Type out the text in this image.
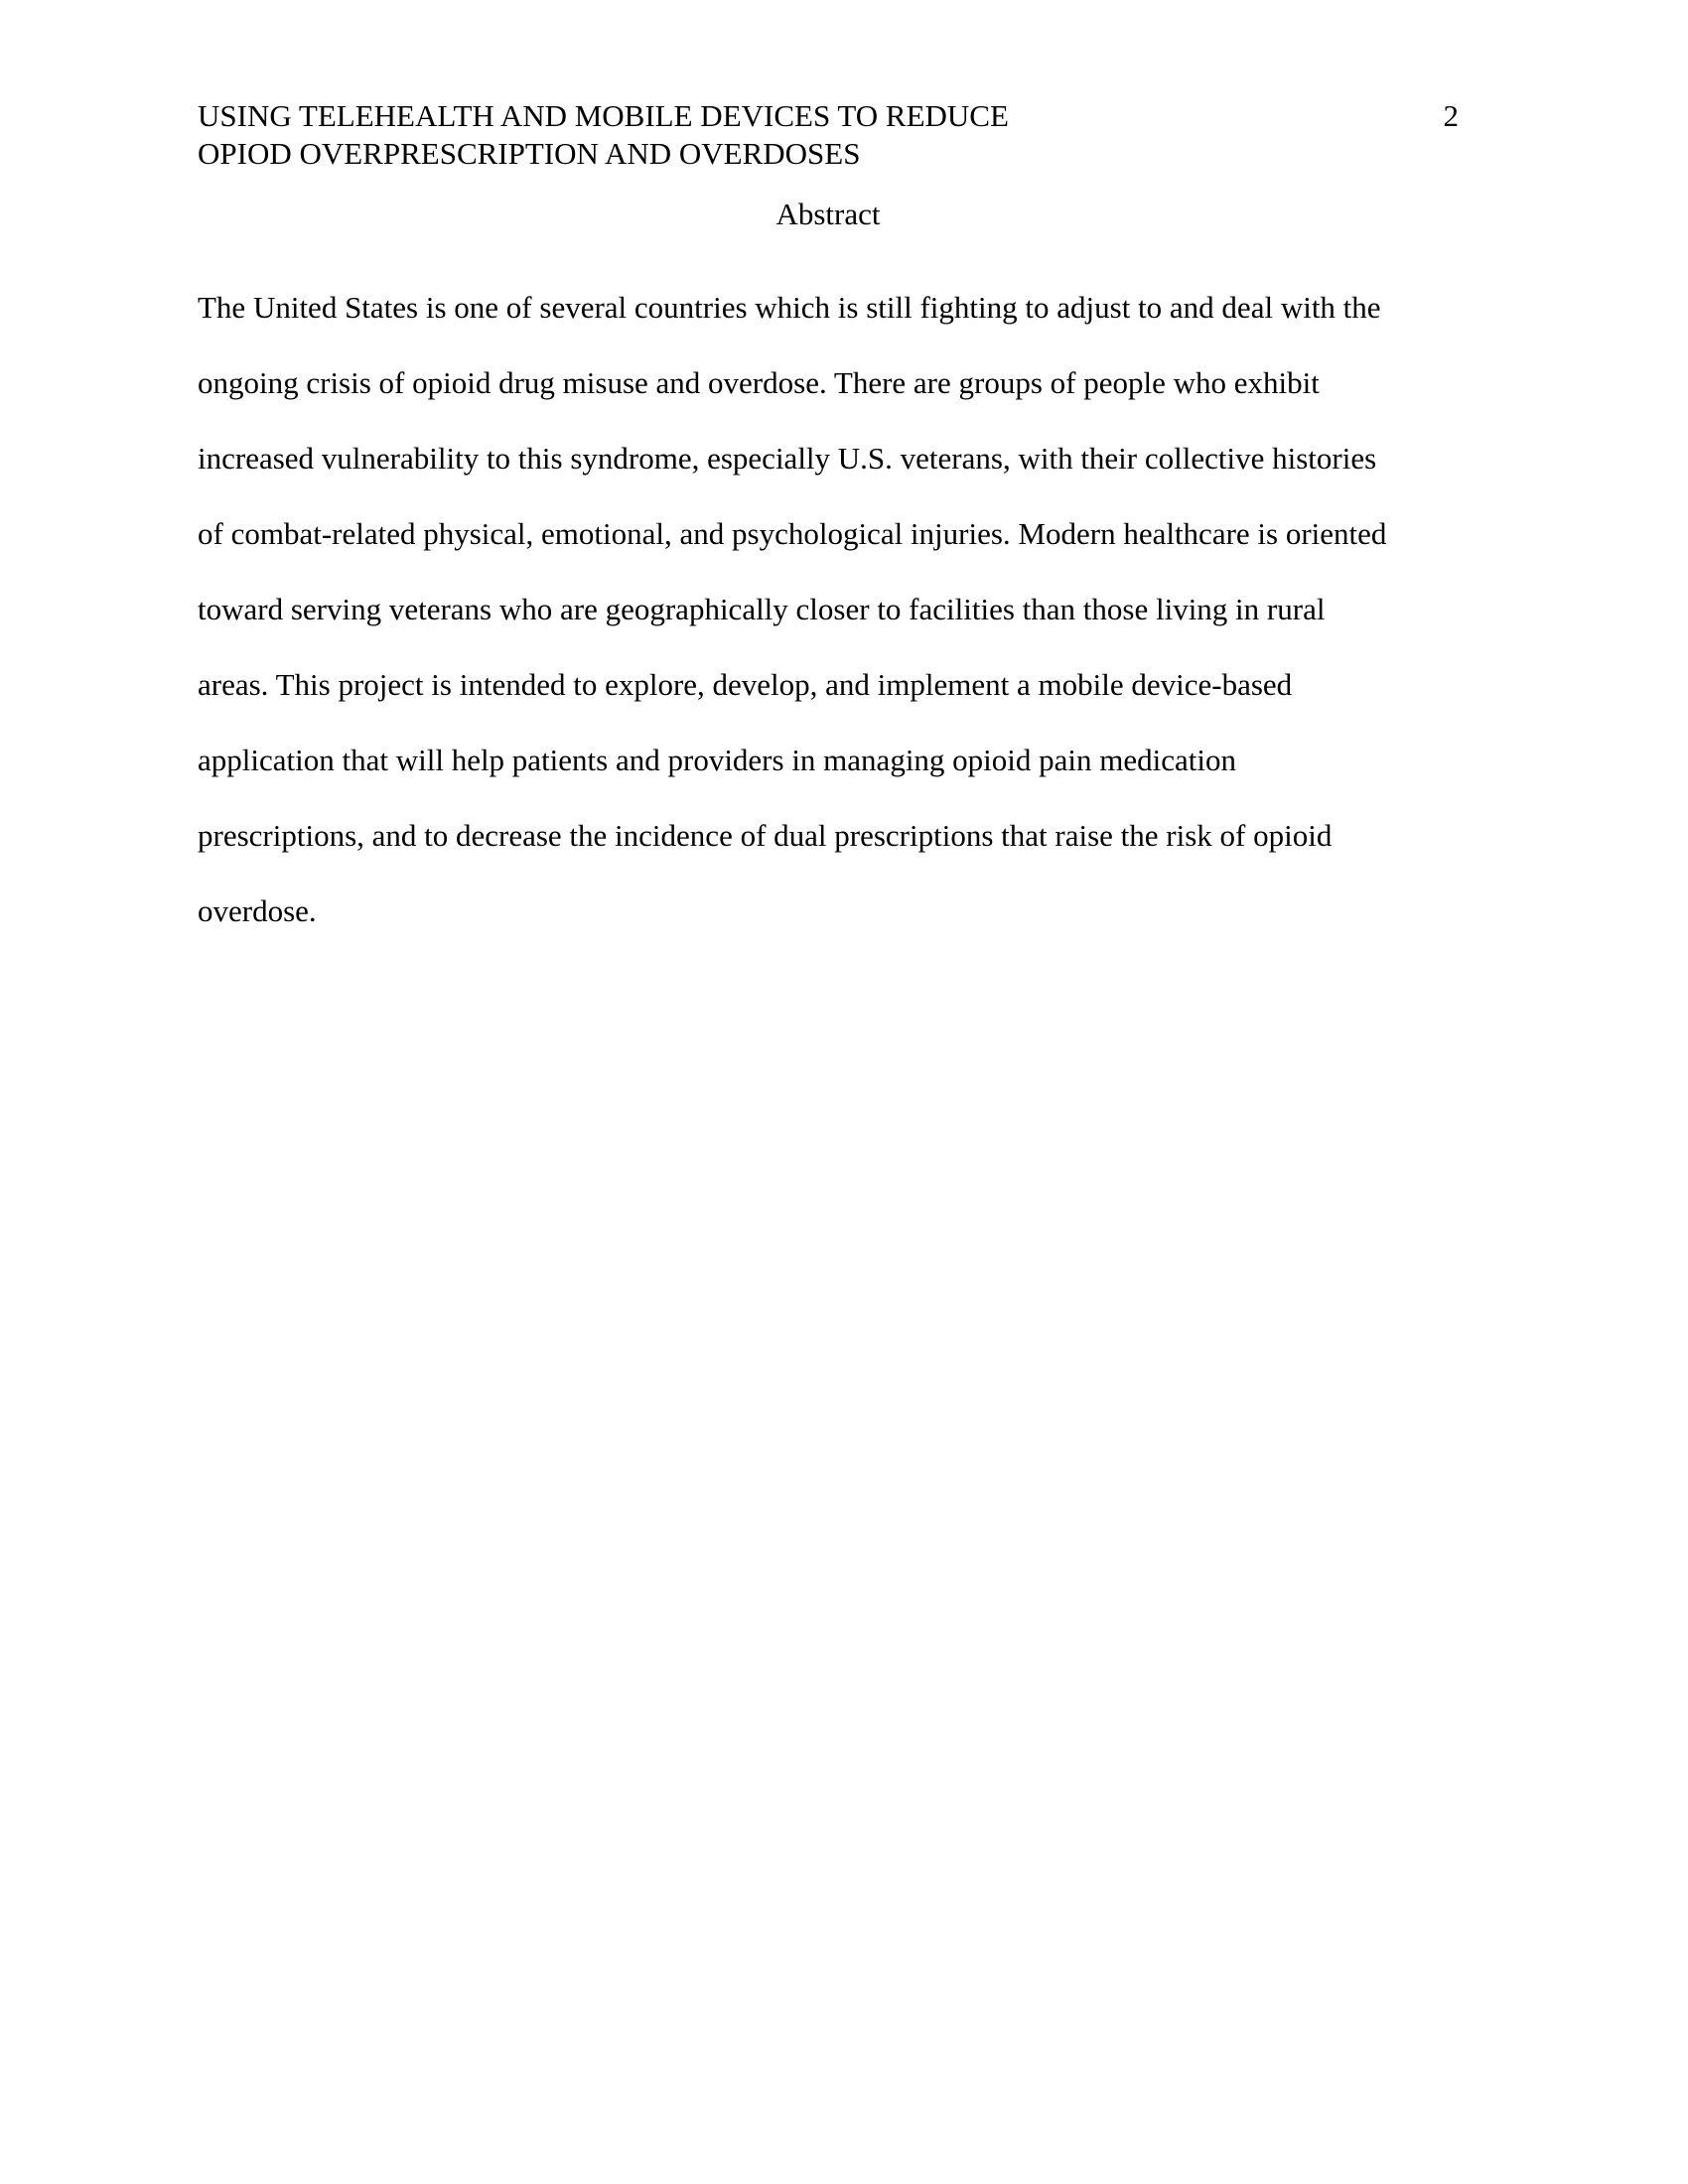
USING TELEHEALTH AND MOBILE DEVICES TO REDUCE
OPIOD OVERPRESCRIPTION AND OVERDOSES
2
Abstract
The United States is one of several countries which is still fighting to adjust to and deal with the
ongoing crisis of opioid drug misuse and overdose. There are groups of people who exhibit
increased vulnerability to this syndrome, especially U.S. veterans, with their collective histories
of combat-related physical, emotional, and psychological injuries. Modern healthcare is oriented
toward serving veterans who are geographically closer to facilities than those living in rural
areas. This project is intended to explore, develop, and implement a mobile device-based
application that will help patients and providers in managing opioid pain medication
prescriptions, and to decrease the incidence of dual prescriptions that raise the risk of opioid
overdose.
